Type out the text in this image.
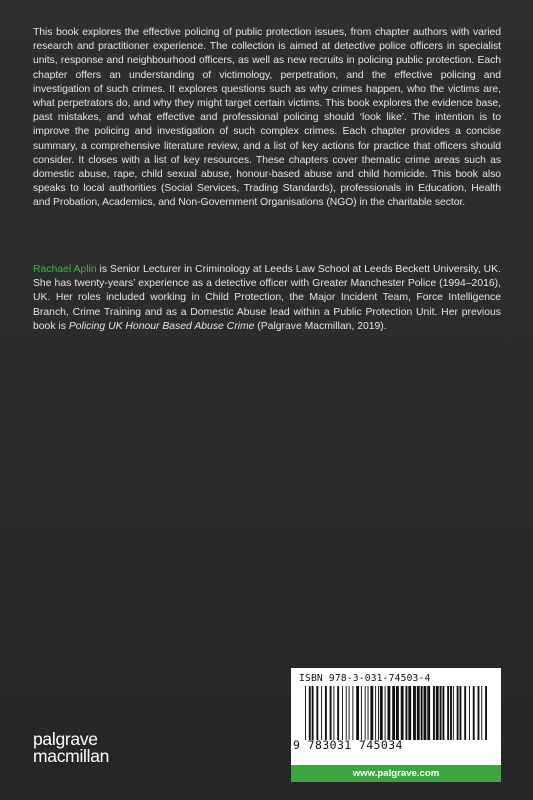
This book explores the effective policing of public protection issues, from chapter authors with varied research and practitioner experience. The collection is aimed at detective police officers in specialist units, response and neighbourhood officers, as well as new recruits in policing public protection. Each chapter offers an understanding of victimology, perpetration, and the effective policing and investigation of such crimes. It explores questions such as why crimes happen, who the victims are, what perpetrators do, and why they might target certain victims. This book explores the evidence base, past mistakes, and what effective and professional policing should ‘look like’. The intention is to improve the policing and investigation of such complex crimes. Each chapter provides a concise summary, a comprehensive literature review, and a list of key actions for practice that officers should consider. It closes with a list of key resources. These chapters cover thematic crime areas such as domestic abuse, rape, child sexual abuse, honour-based abuse and child homicide. This book also speaks to local authorities (Social Services, Trading Standards), professionals in Education, Health and Probation, Academics, and Non-Government Organisations (NGO) in the charitable sector.

Rachael Aplin is Senior Lecturer in Criminology at Leeds Law School at Leeds Beckett University, UK. She has twenty-years’ experience as a detective officer with Greater Manchester Police (1994–2016), UK. Her roles included working in Child Protection, the Major Incident Team, Force Intelligence Branch, Crime Training and as a Domestic Abuse lead within a Public Protection Unit. Her previous book is Policing UK Honour Based Abuse Crime (Palgrave Macmillan, 2019).

palgrave
macmillan
ISBN 978-3-031-74503-4
9 783031 745034
www.palgrave.com
